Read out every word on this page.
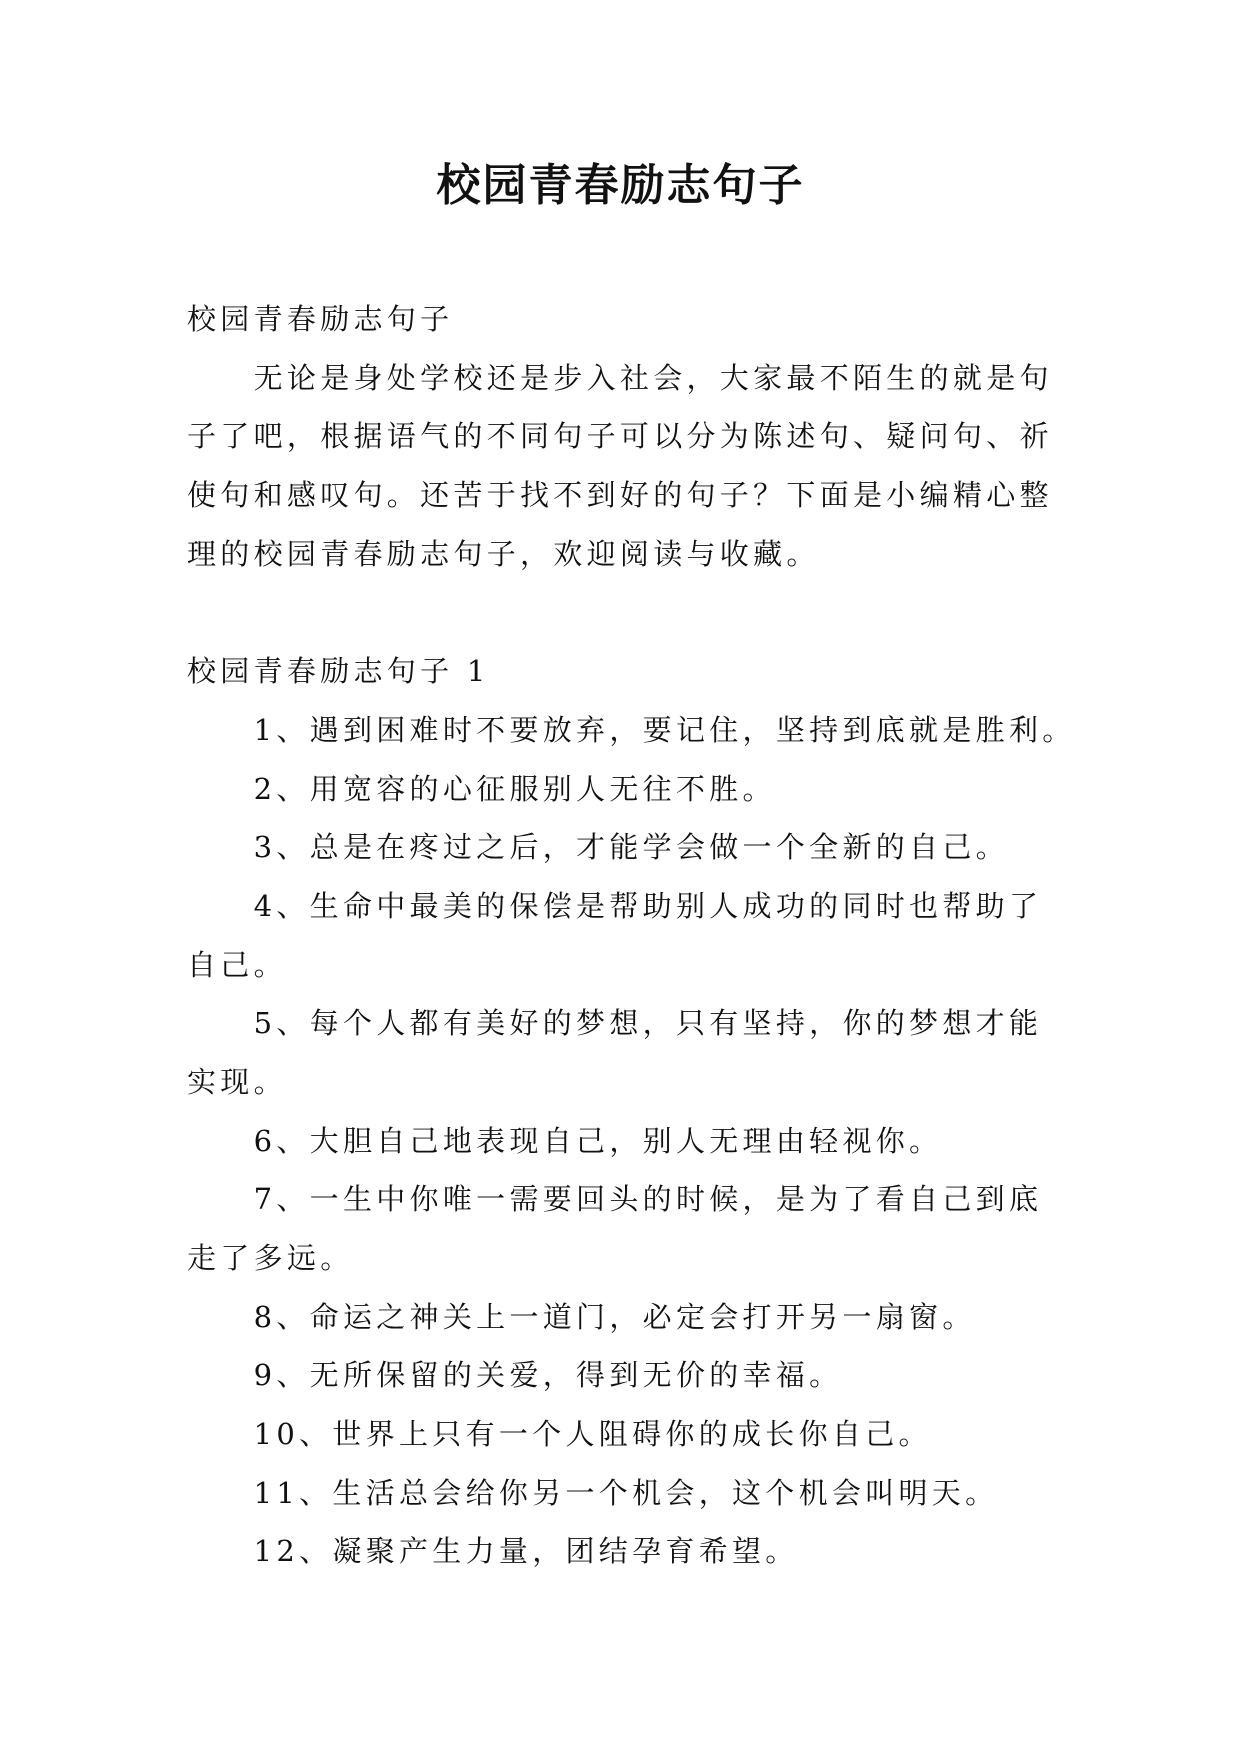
校园青春励志句子
校园青春励志句子
无论是身处学校还是步入社会，大家最不陌生的就是句
子了吧，根据语气的不同句子可以分为陈述句、疑问句、祈
使句和感叹句。还苦于找不到好的句子？下面是小编精心整
理的校园青春励志句子，欢迎阅读与收藏。
校园青春励志句子 1
1、遇到困难时不要放弃，要记住，坚持到底就是胜利。
2、用宽容的心征服别人无往不胜。
3、总是在疼过之后，才能学会做一个全新的自己。
4、生命中最美的保偿是帮助别人成功的同时也帮助了
自己。
5、每个人都有美好的梦想，只有坚持，你的梦想才能
实现。
6、大胆自己地表现自己，别人无理由轻视你。
7、一生中你唯一需要回头的时候，是为了看自己到底
走了多远。
8、命运之神关上一道门，必定会打开另一扇窗。
9、无所保留的关爱，得到无价的幸福。
10、世界上只有一个人阻碍你的成长你自己。
11、生活总会给你另一个机会，这个机会叫明天。
12、凝聚产生力量，团结孕育希望。
